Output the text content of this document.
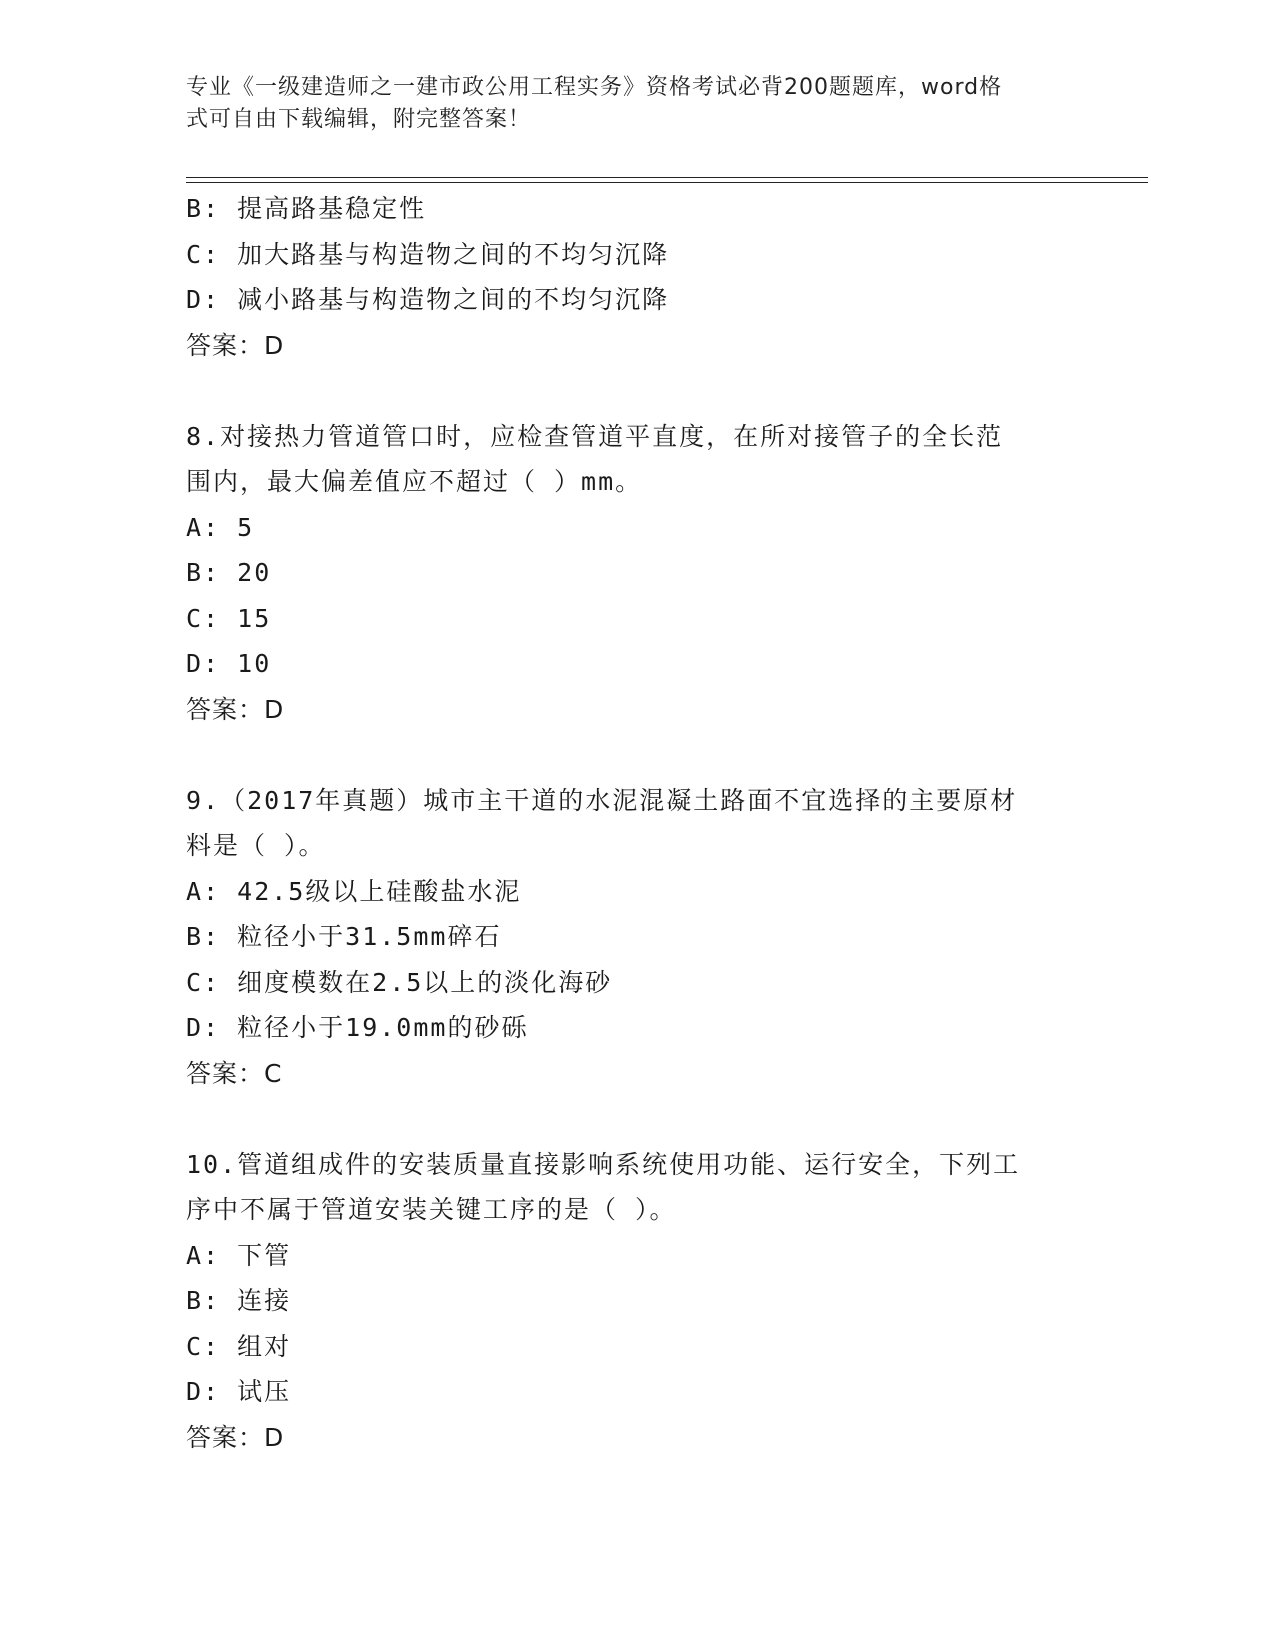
专业《一级建造师之一建市政公用工程实务》资格考试必背200题题库，word格
式可自由下载编辑，附完整答案！
B: 提高路基稳定性
C: 加大路基与构造物之间的不均匀沉降
D: 减小路基与构造物之间的不均匀沉降
答案：D
8.对接热力管道管口时，应检查管道平直度，在所对接管子的全长范
围内，最大偏差值应不超过（ ）mm。
A: 5
B: 20
C: 15
D: 10
答案：D
9.（2017年真题）城市主干道的水泥混凝土路面不宜选择的主要原材
料是（ ）。
A: 42.5级以上硅酸盐水泥
B: 粒径小于31.5mm碎石
C: 细度模数在2.5以上的淡化海砂
D: 粒径小于19.0mm的砂砾
答案：C
10.管道组成件的安装质量直接影响系统使用功能、运行安全，下列工
序中不属于管道安装关键工序的是（ ）。
A: 下管
B: 连接
C: 组对
D: 试压
答案：D
